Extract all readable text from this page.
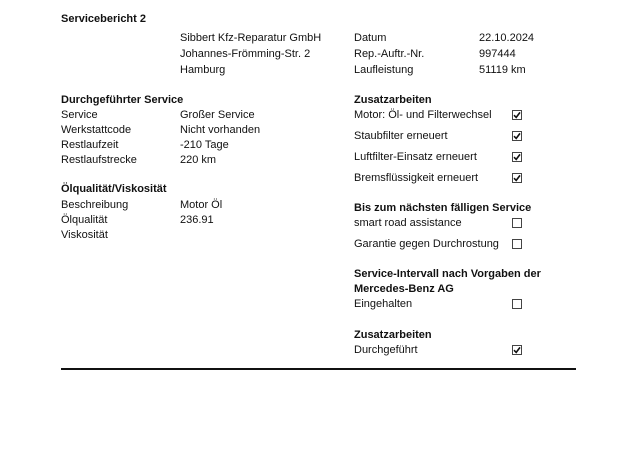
Servicebericht 2
Sibbert Kfz-Reparatur GmbH
Johannes-Frömming-Str. 2
Hamburg
Datum	22.10.2024
Rep.-Auftr.-Nr.	997444
Laufleistung	51119 km
Durchgeführter Service
Service	Großer Service
Werkstattcode	Nicht vorhanden
Restlaufzeit	-210 Tage
Restlaufstrecke	220 km
Ölqualität/Viskosität
Beschreibung	Motor Öl
Ölqualität	236.91
Viskosität
Zusatzarbeiten
Motor: Öl- und Filterwechsel
Staubfilter erneuert
Luftfilter-Einsatz erneuert
Bremsflüssigkeit erneuert
Bis zum nächsten fälligen Service
smart road assistance
Garantie gegen Durchrostung
Service-Intervall nach Vorgaben der
Mercedes-Benz AG
Eingehalten
Zusatzarbeiten
Durchgeführt
